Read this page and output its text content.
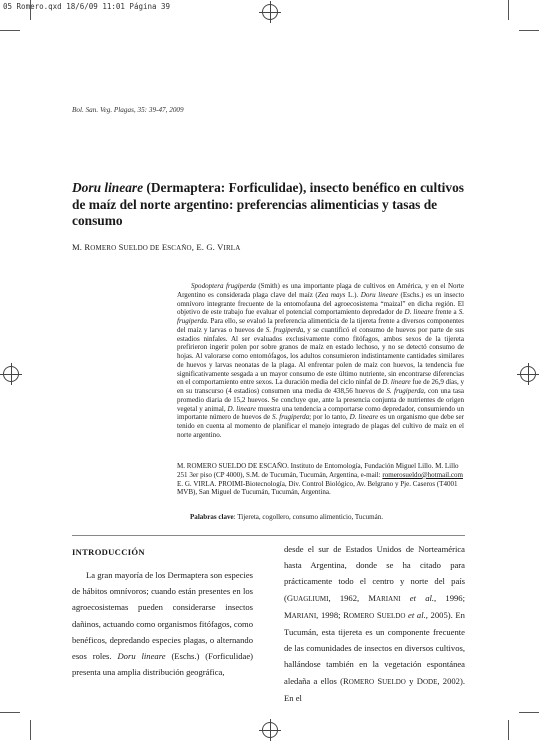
05 Romero.qxd 18/6/09 11:01 Página 39
Bol. San. Veg. Plagas, 35: 39-47, 2009
Doru lineare (Dermaptera: Forficulidae), insecto benéfico en cultivos de maíz del norte argentino: preferencias alimenticias y tasas de consumo
M. ROMERO SUELDO DE ESCAÑO, E. G. VIRLA

Spodoptera frugiperda (Smith) es una importante plaga de cultivos en América, y en el Norte Argentino es considerada plaga clave del maíz (Zea mays L.). Doru lineare (Eschs.) es un insecto omnívoro integrante frecuente de la entomofauna del agroecosistema “maizal” en dicha región. El objetivo de este trabajo fue evaluar el potencial comportamiento depredador de D. lineare frente a S. frugiperda. Para ello, se evaluó la preferencia alimenticia de la tijereta frente a diversos componentes del maíz y larvas o huevos de S. frugiperda, y se cuantificó el consumo de huevos por parte de sus estadios ninfales. Al ser evaluados exclusivamente como fitófagos, ambos sexos de la tijereta prefirieron ingerir polen por sobre granos de maíz en estado lechoso, y no se detectó consumo de hojas. Al valorarse como entomófagos, los adultos consumieron indistintamente cantidades similares de huevos y larvas neonatas de la plaga. Al enfrentar polen de maíz con huevos, la tendencia fue significativamente sesgada a un mayor consumo de este último nutriente, sin encontrarse diferencias en el comportamiento entre sexos. La duración media del ciclo ninfal de D. lineare fue de 26,9 días, y en su transcurso (4 estadios) consumen una media de 438,56 huevos de S. frugiperda, con una tasa promedio diaria de 15,2 huevos. Se concluye que, ante la presencia conjunta de nutrientes de origen vegetal y animal, D. lineare muestra una tendencia a comportarse como depredador, consumiendo un importante número de huevos de S. frugiperda; por lo tanto, D. lineare es un organismo que debe ser tenido en cuenta al momento de planificar el manejo integrado de plagas del cultivo de maíz en el norte argentino.

M. ROMERO SUELDO DE ESCAÑO. Instituto de Entomología, Fundación Miguel Lillo. M. Lillo 251 3er piso (CP 4000), S.M. de Tucumán, Tucumán, Argentina, e-mail: romerosueldo@hotmail.com

E. G. VIRLA. PROIMI-Biotecnología, Div. Control Biológico, Av. Belgrano y Pje. Caseros (T4001 MVB), San Miguel de Tucumán, Tucumán, Argentina.

Palabras clave: Tijereta, cogollero, consumo alimenticio, Tucumán.
INTRODUCCIÓN

La gran mayoría de los Dermaptera son especies de hábitos omnívoros; cuando están presentes en los agroecosistemas pueden considerarse insectos dañinos, actuando como organismos fitófagos, como benéficos, depredando especies plagas, o alternando esos roles. Doru lineare (Eschs.) (Forficulidae) presenta una amplia distribución geográfica,

desde el sur de Estados Unidos de Norteamérica hasta Argentina, donde se ha citado para prácticamente todo el centro y norte del país (GUAGLIUMI, 1962, MARIANI et al., 1996; MARIANI, 1998; ROMERO SUELDO et al., 2005). En Tucumán, esta tijereta es un componente frecuente de las comunidades de insectos en diversos cultivos, hallándose también en la vegetación espontánea aledaña a ellos (ROMERO SUELDO y DODE, 2002). En el
